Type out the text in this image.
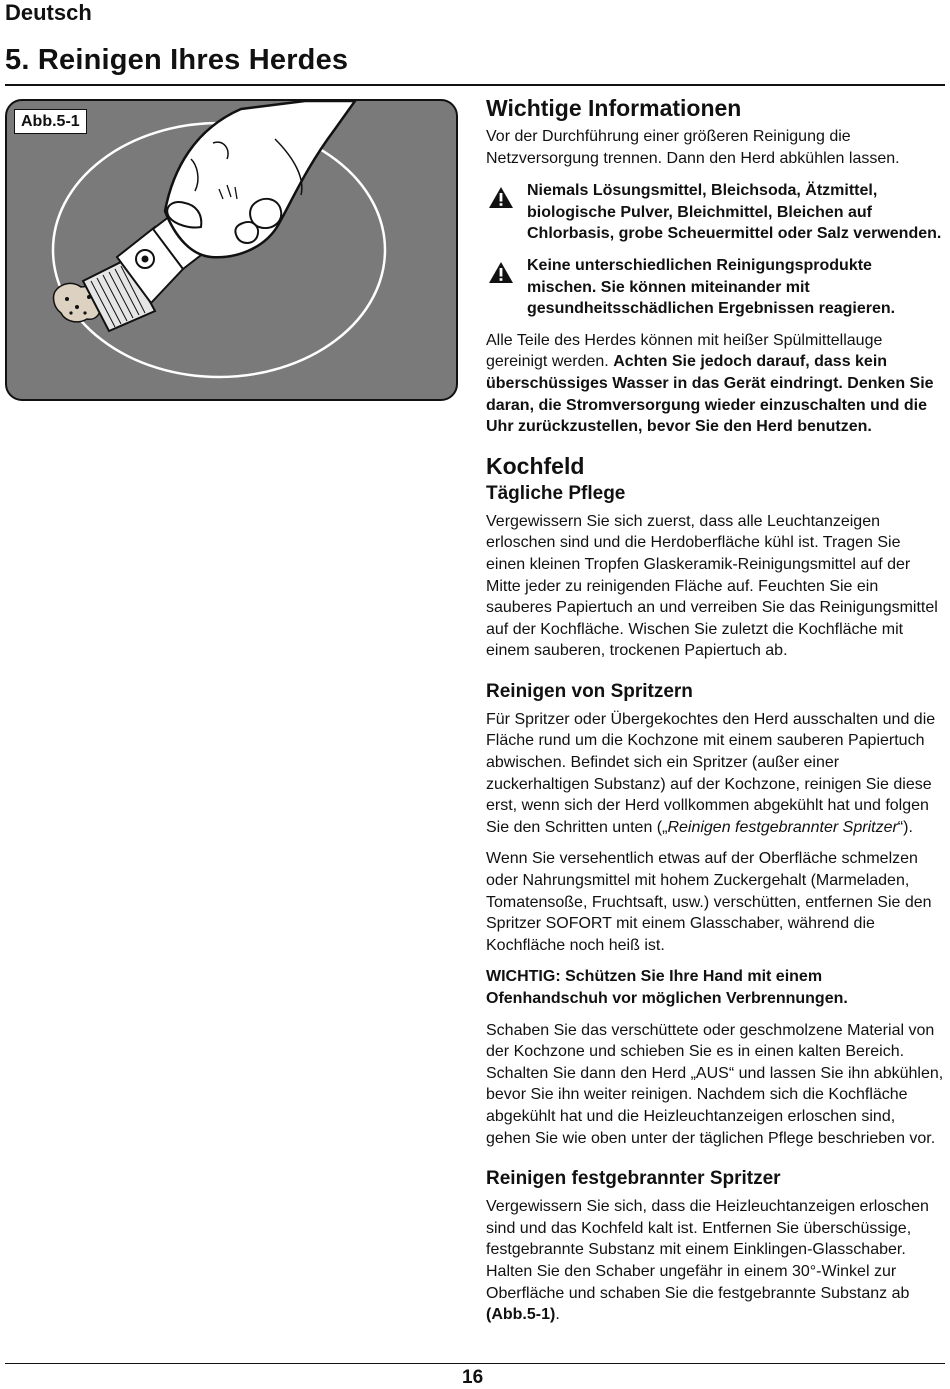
Deutsch
5. Reinigen Ihres Herdes
Abb.5-1
Wichtige Informationen

Vor der Durchführung einer größeren Reinigung die Netzversorgung trennen. Dann den Herd abkühlen lassen.

Niemals Lösungsmittel, Bleichsoda, Ätzmittel, biologische Pulver, Bleichmittel, Bleichen auf Chlorbasis, grobe Scheuermittel oder Salz verwenden.
Keine unterschiedlichen Reinigungsprodukte mischen. Sie können miteinander mit gesundheitsschädlichen Ergebnissen reagieren.

Alle Teile des Herdes können mit heißer Spülmittellauge gereinigt werden. Achten Sie jedoch darauf, dass kein überschüssiges Wasser in das Gerät eindringt. Denken Sie daran, die Stromversorgung wieder einzuschalten und die Uhr zurückzustellen, bevor Sie den Herd benutzen.

Kochfeld
Tägliche Pflege

Vergewissern Sie sich zuerst, dass alle Leuchtanzeigen erloschen sind und die Herdoberfläche kühl ist. Tragen Sie einen kleinen Tropfen Glaskeramik-Reinigungsmittel auf der Mitte jeder zu reinigenden Fläche auf. Feuchten Sie ein sauberes Papiertuch an und verreiben Sie das Reinigungsmittel auf der Kochfläche. Wischen Sie zuletzt die Kochfläche mit einem sauberen, trockenen Papiertuch ab.

Reinigen von Spritzern

Für Spritzer oder Übergekochtes den Herd ausschalten und die Fläche rund um die Kochzone mit einem sauberen Papiertuch abwischen. Befindet sich ein Spritzer (außer einer zuckerhaltigen Substanz) auf der Kochzone, reinigen Sie diese erst, wenn sich der Herd vollkommen abgekühlt hat und folgen Sie den Schritten unten („Reinigen festgebrannter Spritzer“).

Wenn Sie versehentlich etwas auf der Oberfläche schmelzen oder Nahrungsmittel mit hohem Zuckergehalt (Marmeladen, Tomatensoße, Fruchtsaft, usw.) verschütten, entfernen Sie den Spritzer SOFORT mit einem Glasschaber, während die Kochfläche noch heiß ist.

WICHTIG: Schützen Sie Ihre Hand mit einem Ofenhandschuh vor möglichen Verbrennungen.

Schaben Sie das verschüttete oder geschmolzene Material von der Kochzone und schieben Sie es in einen kalten Bereich. Schalten Sie dann den Herd „AUS“ und lassen Sie ihn abkühlen, bevor Sie ihn weiter reinigen. Nachdem sich die Kochfläche abgekühlt hat und die Heizleuchtanzeigen erloschen sind, gehen Sie wie oben unter der täglichen Pflege beschrieben vor.

Reinigen festgebrannter Spritzer

Vergewissern Sie sich, dass die Heizleuchtanzeigen erloschen sind und das Kochfeld kalt ist. Entfernen Sie überschüssige, festgebrannte Substanz mit einem Einklingen-Glasschaber. Halten Sie den Schaber ungefähr in einem 30°-Winkel zur Oberfläche und schaben Sie die festgebrannte Substanz ab (Abb.5-1).

16
